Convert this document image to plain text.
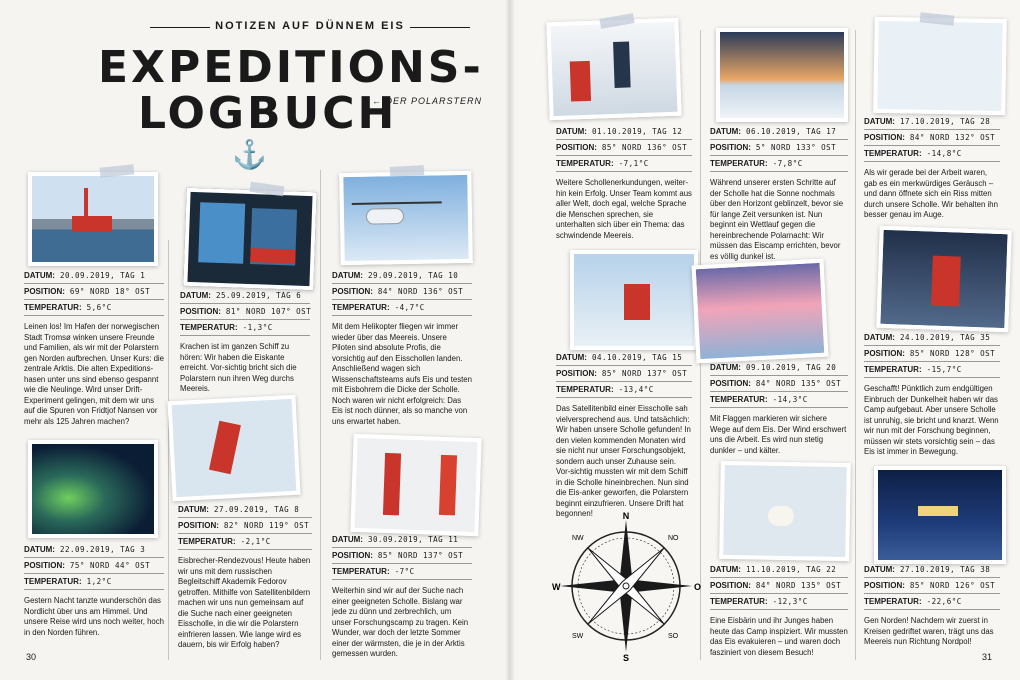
NOTIZEN AUF DÜNNEM EIS
EXPEDITIONS-
LOGBUCH
← DER POLARSTERN
⚓
DATUM: 20.09.2019, TAG 1
POSITION: 69° NORD 18° OST
TEMPERATUR: 5,6°C
Leinen los! Im Hafen der norwegischen Stadt Tromsø winken unsere Freunde und Familien, als wir mit der Polarstern gen Norden aufbrechen. Unser Kurs: die zentrale Arktis. Die alten Expeditions-hasen unter uns sind ebenso gespannt wie die Neulinge. Wird unser Drift-Experiment gelingen, mit dem wir uns auf die Spuren von Fridtjof Nansen vor mehr als 125 Jahren machen?
DATUM: 25.09.2019, TAG 6
POSITION: 81° NORD 107° OST
TEMPERATUR: -1,3°C
Krachen ist im ganzen Schiff zu hören: Wir haben die Eiskante erreicht. Vor-sichtig bricht sich die Polarstern nun ihren Weg durchs Meereis.
DATUM: 29.09.2019, TAG 10
POSITION: 84° NORD 136° OST
TEMPERATUR: -4,7°C
Mit dem Helikopter fliegen wir immer wieder über das Meereis. Unsere Piloten sind absolute Profis, die vorsichtig auf den Eisschollen landen. Anschließend wagen sich Wissenschaftsteams aufs Eis und testen mit Eisbohrern die Dicke der Scholle. Noch waren wir nicht erfolgreich: Das Eis ist noch dünner, als so manche von uns erwartet haben.
DATUM: 22.09.2019, TAG 3
POSITION: 75° NORD 44° OST
TEMPERATUR: 1,2°C
Gestern Nacht tanzte wunderschön das Nordlicht über uns am Himmel. Und unsere Reise wird uns noch weiter, hoch in den Norden führen.
DATUM: 27.09.2019, TAG 8
POSITION: 82° NORD 119° OST
TEMPERATUR: -2,1°C
Eisbrecher-Rendezvous! Heute haben wir uns mit dem russischen Begleitschiff Akademik Fedorov getroffen. Mithilfe von Satellitenbildern machen wir uns nun gemeinsam auf die Suche nach einer geeigneten Eisscholle, in die wir die Polarstern einfrieren lassen. Wie lange wird es dauern, bis wir Erfolg haben?
DATUM: 30.09.2019, TAG 11
POSITION: 85° NORD 137° OST
TEMPERATUR: -7°C
Weiterhin sind wir auf der Suche nach einer geeigneten Scholle. Bislang war jede zu dünn und zerbrechlich, um unser Forschungscamp zu tragen. Kein Wunder, war doch der letzte Sommer einer der wärmsten, die je in der Arktis gemessen wurden.
DATUM: 01.10.2019, TAG 12
POSITION: 85° NORD 136° OST
TEMPERATUR: -7,1°C
Weitere Schollenerkundungen, weiter-hin kein Erfolg. Unser Team kommt aus aller Welt, doch egal, welche Sprache die Menschen sprechen, sie unterhalten sich über ein Thema: das schwindende Meereis.
DATUM: 06.10.2019, TAG 17
POSITION: 5° NORD 133° OST
TEMPERATUR: -7,8°C
Während unserer ersten Schritte auf der Scholle hat die Sonne nochmals über den Horizont geblinzelt, bevor sie für lange Zeit versunken ist. Nun beginnt ein Wettlauf gegen die hereinbrechende Polarnacht: Wir müssen das Eiscamp errichten, bevor es völlig dunkel ist.
DATUM: 17.10.2019, TAG 28
POSITION: 84° NORD 132° OST
TEMPERATUR: -14,8°C
Als wir gerade bei der Arbeit waren, gab es ein merkwürdiges Geräusch – und dann öffnete sich ein Riss mitten durch unsere Scholle. Wir behalten ihn besser genau im Auge.
DATUM: 04.10.2019, TAG 15
POSITION: 85° NORD 137° OST
TEMPERATUR: -13,4°C
Das Satellitenbild einer Eisscholle sah vielversprechend aus. Und tatsächlich: Wir haben unsere Scholle gefunden! In den vielen kommenden Monaten wird sie nicht nur unser Forschungsobjekt, sondern auch unser Zuhause sein. Vor-sichtig mussten wir mit dem Schiff in die Scholle hineinbrechen. Nun sind die Eis-anker geworfen, die Polarstern beginnt einzufrieren. Unsere Drift hat begonnen!
DATUM: 09.10.2019, TAG 20
POSITION: 84° NORD 135° OST
TEMPERATUR: -14,3°C
Mit Flaggen markieren wir sichere Wege auf dem Eis. Der Wind erschwert uns die Arbeit. Es wird nun stetig dunkler – und kälter.
DATUM: 24.10.2019, TAG 35
POSITION: 85° NORD 128° OST
TEMPERATUR: -15,7°C
Geschafft! Pünktlich zum endgültigen Einbruch der Dunkelheit haben wir das Camp aufgebaut. Aber unsere Scholle ist unruhig, sie bricht und knarzt. Wenn wir nun mit der Forschung beginnen, müssen wir stets vorsichtig sein – das Eis ist immer in Bewegung.
DATUM: 11.10.2019, TAG 22
POSITION: 84° NORD 135° OST
TEMPERATUR: -12,3°C
Eine Eisbärin und ihr Junges haben heute das Camp inspiziert. Wir mussten das Eis evakuieren – und waren doch fasziniert von diesem Besuch!
DATUM: 27.10.2019, TAG 38
POSITION: 85° NORD 126° OST
TEMPERATUR: -22,6°C
Gen Norden! Nachdem wir zuerst in Kreisen gedriftet waren, trägt uns das Meereis nun Richtung Nordpol!
N
S
W	O
NW	NO
SW	SO
30	31
